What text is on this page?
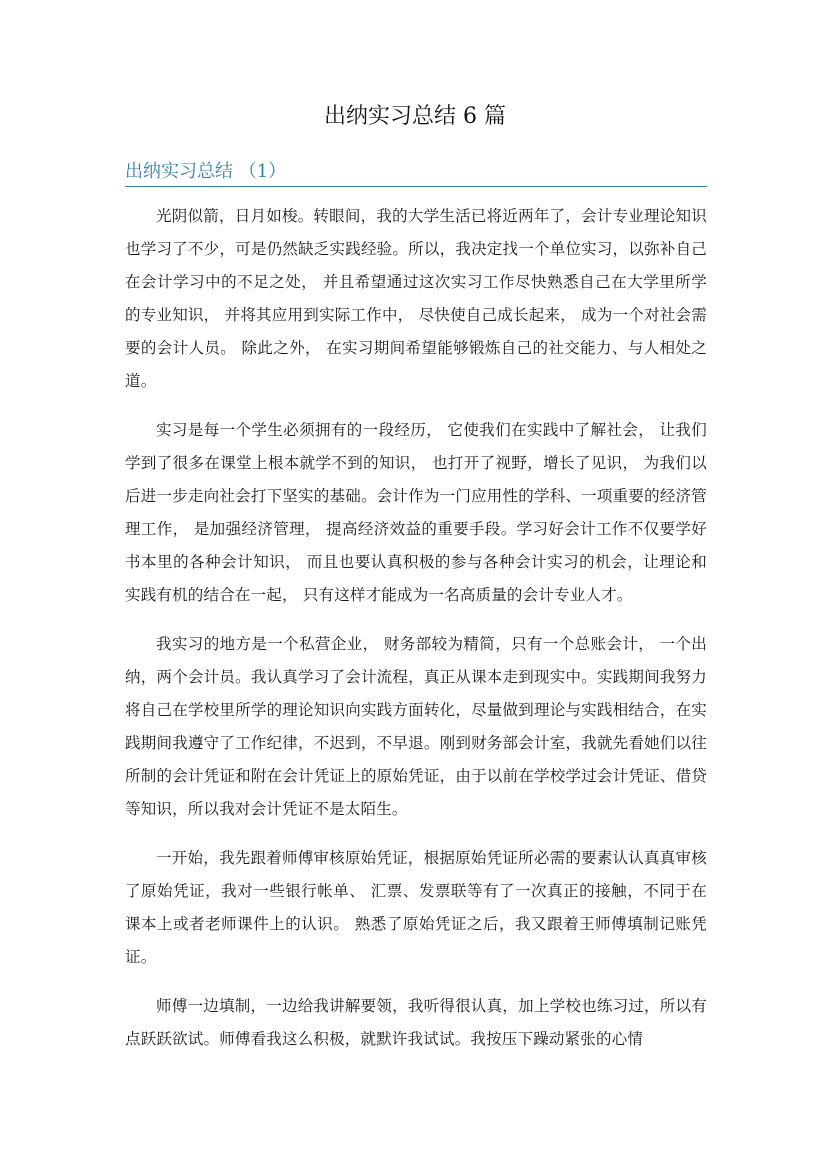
出纳实习总结 6 篇
出纳实习总结 （1）

光阴似箭，日月如梭。转眼间，我的大学生活已将近两年了，会计专业理论知识也学习了不少，可是仍然缺乏实践经验。所以，我决定找一个单位实习，以弥补自己在会计学习中的不足之处， 并且希望通过这次实习工作尽快熟悉自己在大学里所学的专业知识， 并将其应用到实际工作中， 尽快使自己成长起来， 成为一个对社会需要的会计人员。 除此之外， 在实习期间希望能够锻炼自己的社交能力、与人相处之道。

实习是每一个学生必须拥有的一段经历， 它使我们在实践中了解社会， 让我们学到了很多在课堂上根本就学不到的知识， 也打开了视野，增长了见识， 为我们以后进一步走向社会打下坚实的基础。会计作为一门应用性的学科、一项重要的经济管理工作， 是加强经济管理， 提高经济效益的重要手段。学习好会计工作不仅要学好书本里的各种会计知识， 而且也要认真积极的参与各种会计实习的机会，让理论和实践有机的结合在一起， 只有这样才能成为一名高质量的会计专业人才。

我实习的地方是一个私营企业， 财务部较为精简，只有一个总账会计， 一个出纳，两个会计员。我认真学习了会计流程，真正从课本走到现实中。实践期间我努力将自己在学校里所学的理论知识向实践方面转化，尽量做到理论与实践相结合，在实践期间我遵守了工作纪律，不迟到，不早退。刚到财务部会计室，我就先看她们以往所制的会计凭证和附在会计凭证上的原始凭证，由于以前在学校学过会计凭证、借贷等知识，所以我对会计凭证不是太陌生。

一开始，我先跟着师傅审核原始凭证，根据原始凭证所必需的要素认认真真审核了原始凭证，我对一些银行帐单、 汇票、发票联等有了一次真正的接触，不同于在课本上或者老师课件上的认识。 熟悉了原始凭证之后，我又跟着王师傅填制记账凭证。

师傅一边填制，一边给我讲解要领，我听得很认真，加上学校也练习过，所以有点跃跃欲试。师傅看我这么积极，就默许我试试。我按压下躁动紧张的心情
